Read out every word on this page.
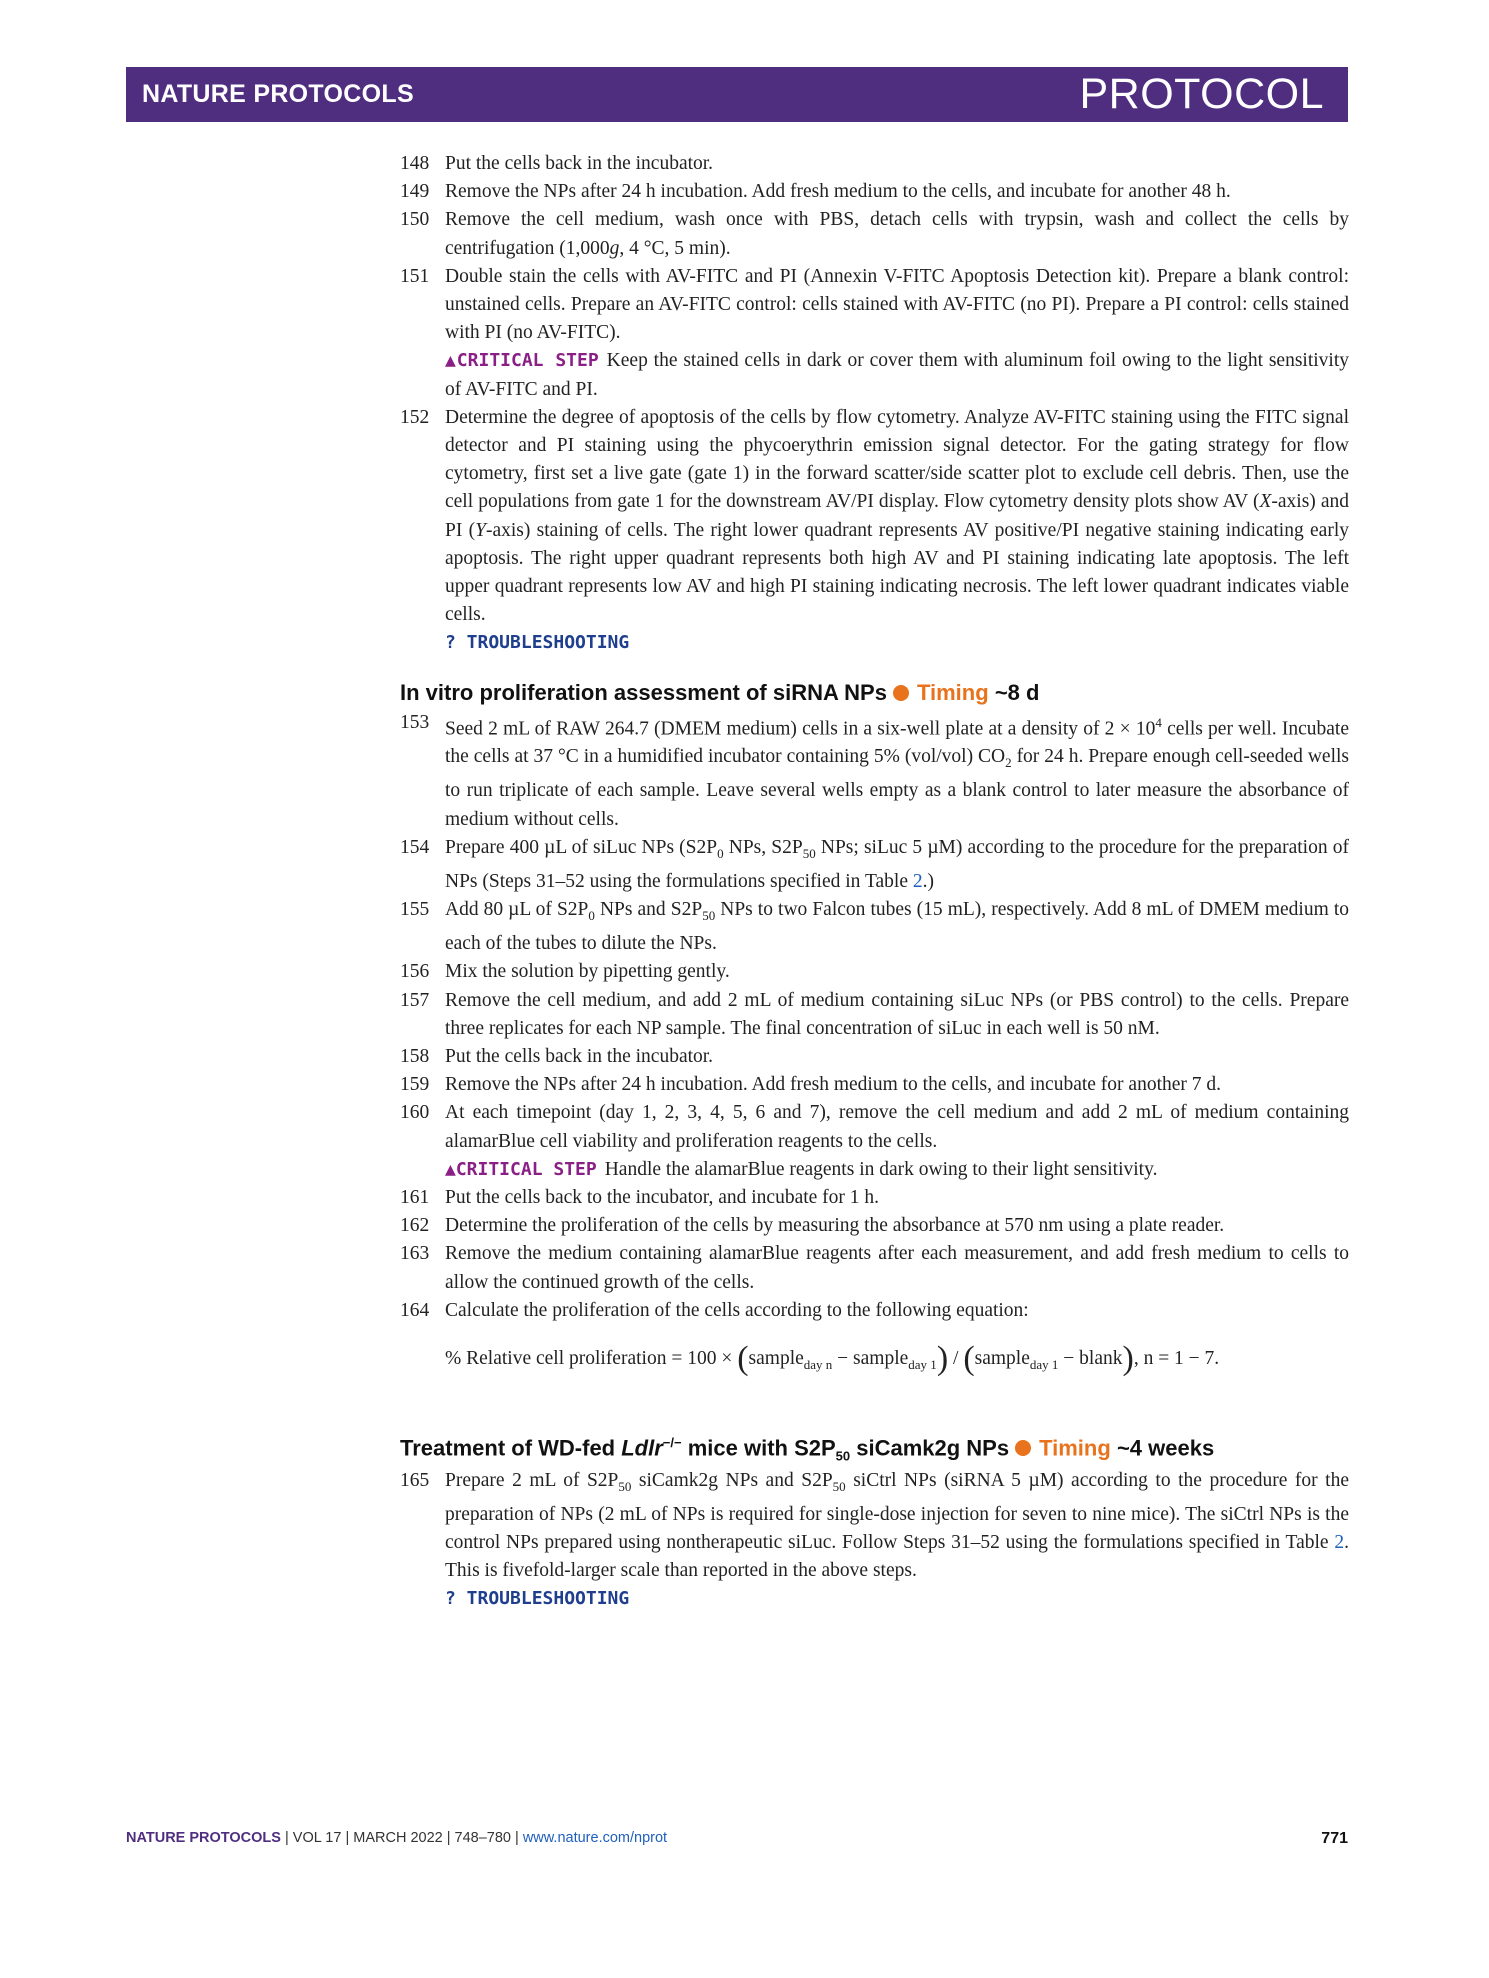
NATURE PROTOCOLS	PROTOCOL
148 Put the cells back in the incubator.
149 Remove the NPs after 24 h incubation. Add fresh medium to the cells, and incubate for another 48 h.
150 Remove the cell medium, wash once with PBS, detach cells with trypsin, wash and collect the cells by centrifugation (1,000g, 4 °C, 5 min).
151 Double stain the cells with AV-FITC and PI (Annexin V-FITC Apoptosis Detection kit). Prepare a blank control: unstained cells. Prepare an AV-FITC control: cells stained with AV-FITC (no PI). Prepare a PI control: cells stained with PI (no AV-FITC).
▲CRITICAL STEP Keep the stained cells in dark or cover them with aluminum foil owing to the light sensitivity of AV-FITC and PI.
152 Determine the degree of apoptosis of the cells by flow cytometry. Analyze AV-FITC staining using the FITC signal detector and PI staining using the phycoerythrin emission signal detector. For the gating strategy for flow cytometry, first set a live gate (gate 1) in the forward scatter/side scatter plot to exclude cell debris. Then, use the cell populations from gate 1 for the downstream AV/PI display. Flow cytometry density plots show AV (X-axis) and PI (Y-axis) staining of cells. The right lower quadrant represents AV positive/PI negative staining indicating early apoptosis. The right upper quadrant represents both high AV and PI staining indicating late apoptosis. The left upper quadrant represents low AV and high PI staining indicating necrosis. The left lower quadrant indicates viable cells.
? TROUBLESHOOTING
In vitro proliferation assessment of siRNA NPs Timing ~8 d
153 Seed 2 mL of RAW 264.7 (DMEM medium) cells in a six-well plate at a density of $2 \times 10^4$ cells per well. Incubate the cells at 37 °C in a humidified incubator containing 5% (vol/vol) $CO_2$ for 24 h. Prepare enough cell-seeded wells to run triplicate of each sample. Leave several wells empty as a blank control to later measure the absorbance of medium without cells.
154 Prepare 400 µL of siLuc NPs ($S2P_0$ NPs, $S2P_{50}$ NPs; siLuc 5 µM) according to the procedure for the preparation of NPs (Steps 31–52 using the formulations specified in Table 2.)
155 Add 80 µL of $S2P_0$ NPs and $S2P_{50}$ NPs to two Falcon tubes (15 mL), respectively. Add 8 mL of DMEM medium to each of the tubes to dilute the NPs.
156 Mix the solution by pipetting gently.
157 Remove the cell medium, and add 2 mL of medium containing siLuc NPs (or PBS control) to the cells. Prepare three replicates for each NP sample. The final concentration of siLuc in each well is 50 nM.
158 Put the cells back in the incubator.
159 Remove the NPs after 24 h incubation. Add fresh medium to the cells, and incubate for another 7 d.
160 At each timepoint (day 1, 2, 3, 4, 5, 6 and 7), remove the cell medium and add 2 mL of medium containing alamarBlue cell viability and proliferation reagents to the cells.
▲CRITICAL STEP Handle the alamarBlue reagents in dark owing to their light sensitivity.
161 Put the cells back to the incubator, and incubate for 1 h.
162 Determine the proliferation of the cells by measuring the absorbance at 570 nm using a plate reader.
163 Remove the medium containing alamarBlue reagents after each measurement, and add fresh medium to cells to allow the continued growth of the cells.
164 Calculate the proliferation of the cells according to the following equation:
% Relative cell proliferation = 100 × (sample$_{day n}$ − sample$_{day 1}$) / (sample$_{day 1}$ − blank), n = 1 − 7.
Treatment of WD-fed Ldlr−/− mice with $S2P_{50}$ siCamk2g NPs Timing ~4 weeks
165 Prepare 2 mL of $S2P_{50}$ siCamk2g NPs and $S2P_{50}$ siCtrl NPs (siRNA 5 µM) according to the procedure for the preparation of NPs (2 mL of NPs is required for single-dose injection for seven to nine mice). The siCtrl NPs is the control NPs prepared using nontherapeutic siLuc. Follow Steps 31–52 using the formulations specified in Table 2. This is fivefold-larger scale than reported in the above steps.
? TROUBLESHOOTING
NATURE PROTOCOLS | VOL 17 | MARCH 2022 | 748–780 | www.nature.com/nprot	771
